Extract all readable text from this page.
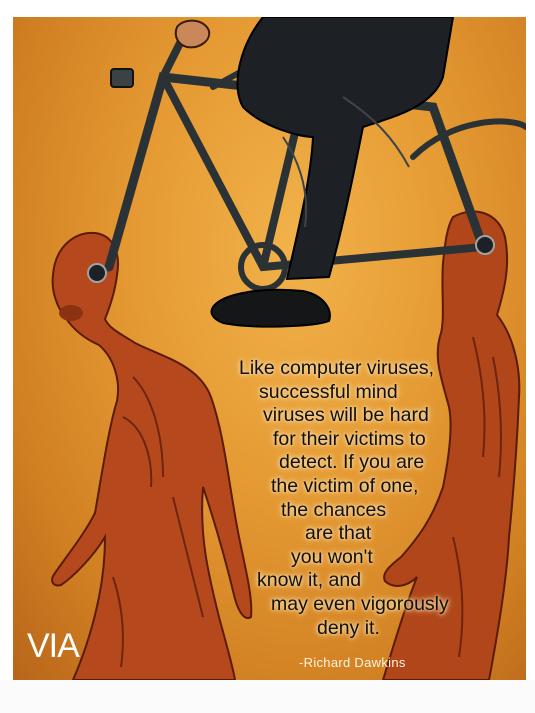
Like computer viruses,
successful mind
viruses will be hard
for their victims to
detect. If you are
the victim of one,
the chances
are that
you won't
know it, and
may even vigorously
deny it.
-Richard Dawkins
VIA
